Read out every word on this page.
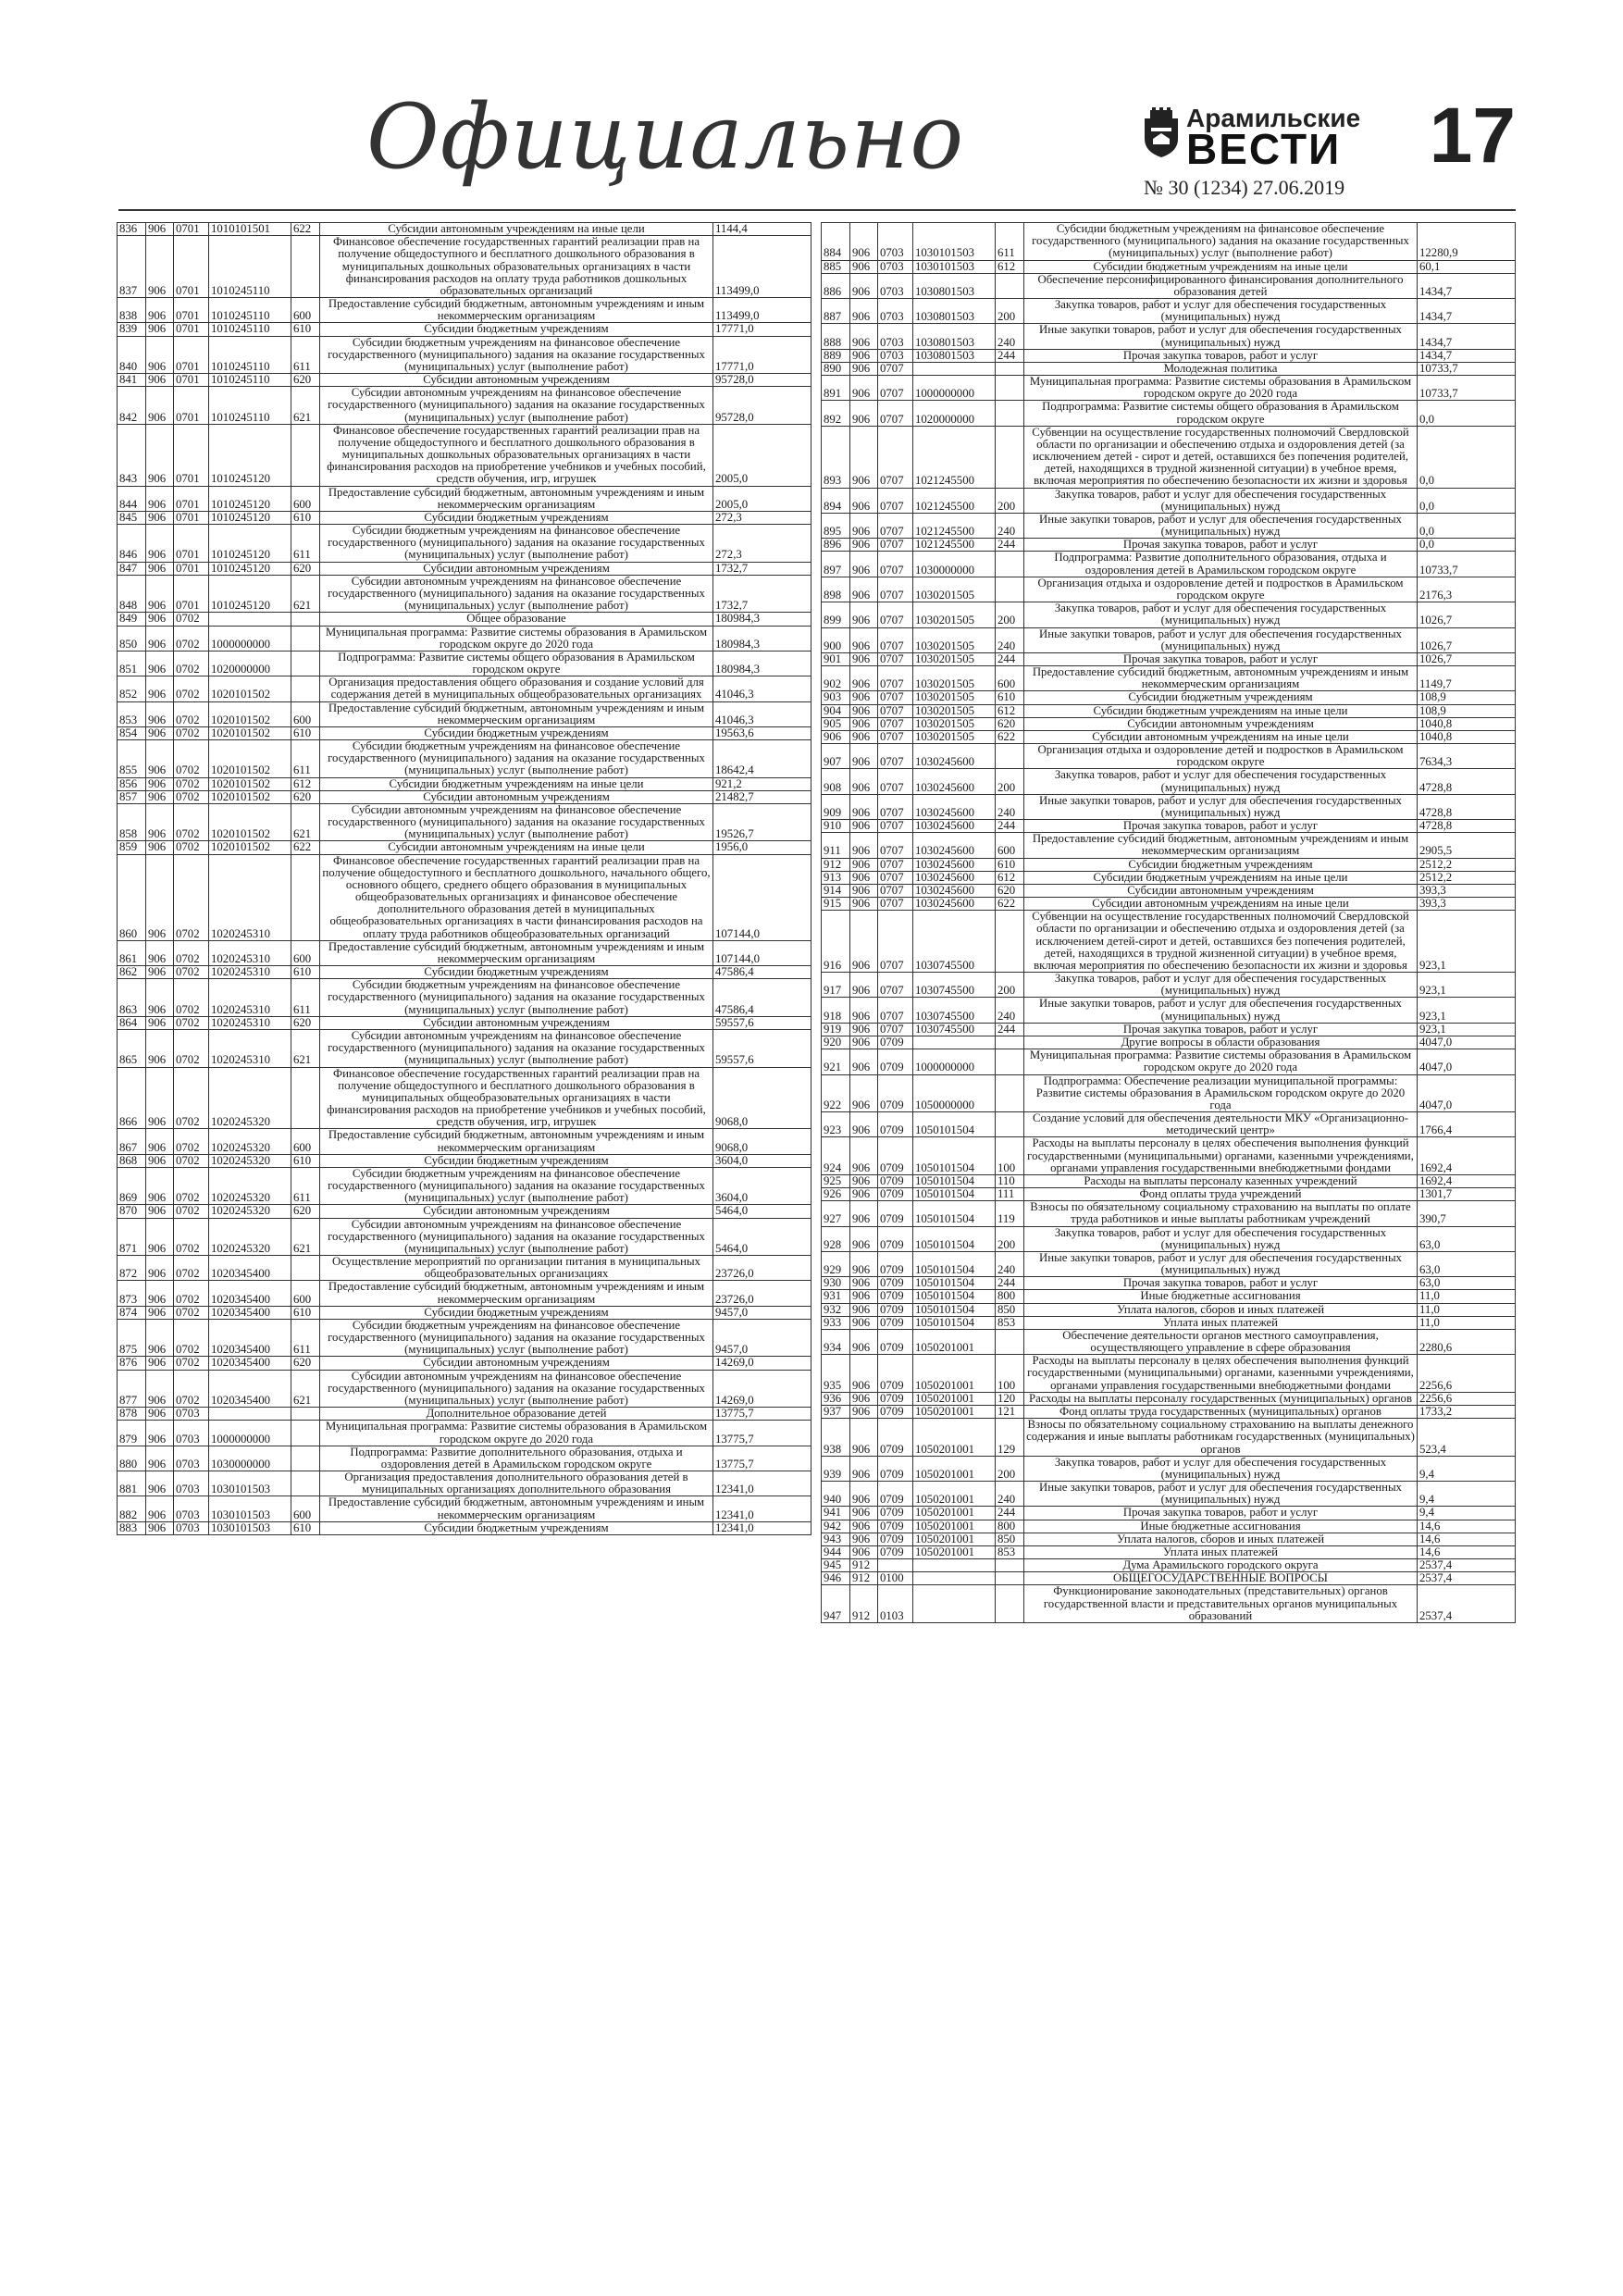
Официально	Арамильские
ВЕСТИ
№ 30 (1234) 27.06.2019
17
836	906	0701	1010101501	622	Субсидии автономным учреждениям на иные цели	1144,4
837	906	0701	1010245110		Финансовое обеспечение государственных гарантий реализации прав на получение общедоступного и бесплатного дошкольного образования в муниципальных дошкольных образовательных организациях в части финансирования расходов на оплату труда работников дошкольных образовательных организаций	113499,0
838	906	0701	1010245110	600	Предоставление субсидий бюджетным, автономным учреждениям и иным некоммерческим организациям	113499,0
839	906	0701	1010245110	610	Субсидии бюджетным учреждениям	17771,0
840	906	0701	1010245110	611	Субсидии бюджетным учреждениям на финансовое обеспечение государственного (муниципального) задания на оказание государственных (муниципальных) услуг (выполнение работ)	17771,0
841	906	0701	1010245110	620	Субсидии автономным учреждениям	95728,0
842	906	0701	1010245110	621	Субсидии автономным учреждениям на финансовое обеспечение государственного (муниципального) задания на оказание государственных (муниципальных) услуг (выполнение работ)	95728,0
843	906	0701	1010245120		Финансовое обеспечение государственных гарантий реализации прав на получение общедоступного и бесплатного дошкольного образования в муниципальных дошкольных образовательных организациях в части финансирования расходов на приобретение учебников и учебных пособий, средств обучения, игр, игрушек	2005,0
844	906	0701	1010245120	600	Предоставление субсидий бюджетным, автономным учреждениям и иным некоммерческим организациям	2005,0
845	906	0701	1010245120	610	Субсидии бюджетным учреждениям	272,3
846	906	0701	1010245120	611	Субсидии бюджетным учреждениям на финансовое обеспечение государственного (муниципального) задания на оказание государственных (муниципальных) услуг (выполнение работ)	272,3
847	906	0701	1010245120	620	Субсидии автономным учреждениям	1732,7
848	906	0701	1010245120	621	Субсидии автономным учреждениям на финансовое обеспечение государственного (муниципального) задания на оказание государственных (муниципальных) услуг (выполнение работ)	1732,7
849	906	0702			Общее образование	180984,3
850	906	0702	1000000000		Муниципальная программа: Развитие системы образования в Арамильском городском округе до 2020 года	180984,3
851	906	0702	1020000000		Подпрограмма: Развитие системы общего образования в Арамильском городском округе	180984,3
852	906	0702	1020101502		Организация предоставления общего образования и создание условий для содержания детей в муниципальных общеобразовательных организациях	41046,3
853	906	0702	1020101502	600	Предоставление субсидий бюджетным, автономным учреждениям и иным некоммерческим организациям	41046,3
854	906	0702	1020101502	610	Субсидии бюджетным учреждениям	19563,6
855	906	0702	1020101502	611	Субсидии бюджетным учреждениям на финансовое обеспечение государственного (муниципального) задания на оказание государственных (муниципальных) услуг (выполнение работ)	18642,4
856	906	0702	1020101502	612	Субсидии бюджетным учреждениям на иные цели	921,2
857	906	0702	1020101502	620	Субсидии автономным учреждениям	21482,7
858	906	0702	1020101502	621	Субсидии автономным учреждениям на финансовое обеспечение государственного (муниципального) задания на оказание государственных (муниципальных) услуг (выполнение работ)	19526,7
859	906	0702	1020101502	622	Субсидии автономным учреждениям на иные цели	1956,0
860	906	0702	1020245310		Финансовое обеспечение государственных гарантий реализации прав на получение общедоступного и бесплатного дошкольного, начального общего, основного общего, среднего общего образования в муниципальных общеобразовательных организациях и финансовое обеспечение дополнительного образования детей в муниципальных общеобразовательных организациях в части финансирования расходов на оплату труда работников общеобразовательных организаций	107144,0
861	906	0702	1020245310	600	Предоставление субсидий бюджетным, автономным учреждениям и иным некоммерческим организациям	107144,0
862	906	0702	1020245310	610	Субсидии бюджетным учреждениям	47586,4
863	906	0702	1020245310	611	Субсидии бюджетным учреждениям на финансовое обеспечение государственного (муниципального) задания на оказание государственных (муниципальных) услуг (выполнение работ)	47586,4
864	906	0702	1020245310	620	Субсидии автономным учреждениям	59557,6
865	906	0702	1020245310	621	Субсидии автономным учреждениям на финансовое обеспечение государственного (муниципального) задания на оказание государственных (муниципальных) услуг (выполнение работ)	59557,6
866	906	0702	1020245320		Финансовое обеспечение государственных гарантий реализации прав на получение общедоступного и бесплатного дошкольного образования в муниципальных общеобразовательных организациях в части финансирования расходов на приобретение учебников и учебных пособий, средств обучения, игр, игрушек	9068,0
867	906	0702	1020245320	600	Предоставление субсидий бюджетным, автономным учреждениям и иным некоммерческим организациям	9068,0
868	906	0702	1020245320	610	Субсидии бюджетным учреждениям	3604,0
869	906	0702	1020245320	611	Субсидии бюджетным учреждениям на финансовое обеспечение государственного (муниципального) задания на оказание государственных (муниципальных) услуг (выполнение работ)	3604,0
870	906	0702	1020245320	620	Субсидии автономным учреждениям	5464,0
871	906	0702	1020245320	621	Субсидии автономным учреждениям на финансовое обеспечение государственного (муниципального) задания на оказание государственных (муниципальных) услуг (выполнение работ)	5464,0
872	906	0702	1020345400		Осуществление мероприятий по организации питания в муниципальных общеобразовательных организациях	23726,0
873	906	0702	1020345400	600	Предоставление субсидий бюджетным, автономным учреждениям и иным некоммерческим организациям	23726,0
874	906	0702	1020345400	610	Субсидии бюджетным учреждениям	9457,0
875	906	0702	1020345400	611	Субсидии бюджетным учреждениям на финансовое обеспечение государственного (муниципального) задания на оказание государственных (муниципальных) услуг (выполнение работ)	9457,0
876	906	0702	1020345400	620	Субсидии автономным учреждениям	14269,0
877	906	0702	1020345400	621	Субсидии автономным учреждениям на финансовое обеспечение государственного (муниципального) задания на оказание государственных (муниципальных) услуг (выполнение работ)	14269,0
878	906	0703			Дополнительное образование детей	13775,7
879	906	0703	1000000000		Муниципальная программа: Развитие системы образования в Арамильском городском округе до 2020 года	13775,7
880	906	0703	1030000000		Подпрограмма: Развитие дополнительного образования, отдыха и оздоровления детей в Арамильском городском округе	13775,7
881	906	0703	1030101503		Организация предоставления дополнительного образования детей в муниципальных организациях дополнительного образования	12341,0
882	906	0703	1030101503	600	Предоставление субсидий бюджетным, автономным учреждениям и иным некоммерческим организациям	12341,0
883	906	0703	1030101503	610	Субсидии бюджетным учреждениям	12341,0
884	906	0703	1030101503	611	Субсидии бюджетным учреждениям на финансовое обеспечение государственного (муниципального) задания на оказание государственных (муниципальных) услуг (выполнение работ)	12280,9
885	906	0703	1030101503	612	Субсидии бюджетным учреждениям на иные цели	60,1
886	906	0703	1030801503		Обеспечение персонифицированного финансирования дополнительного образования детей	1434,7
887	906	0703	1030801503	200	Закупка товаров, работ и услуг для обеспечения государственных (муниципальных) нужд	1434,7
888	906	0703	1030801503	240	Иные закупки товаров, работ и услуг для обеспечения государственных (муниципальных) нужд	1434,7
889	906	0703	1030801503	244	Прочая закупка товаров, работ и услуг	1434,7
890	906	0707			Молодежная политика	10733,7
891	906	0707	1000000000		Муниципальная программа: Развитие системы образования в Арамильском городском округе до 2020 года	10733,7
892	906	0707	1020000000		Подпрограмма: Развитие системы общего образования в Арамильском городском округе	0,0
893	906	0707	1021245500		Субвенции на осуществление государственных полномочий Свердловской области по организации и обеспечению отдыха и оздоровления детей (за исключением детей - сирот и детей, оставшихся без попечения родителей, детей, находящихся в трудной жизненной ситуации) в учебное время, включая мероприятия по обеспечению безопасности их жизни и здоровья	0,0
894	906	0707	1021245500	200	Закупка товаров, работ и услуг для обеспечения государственных (муниципальных) нужд	0,0
895	906	0707	1021245500	240	Иные закупки товаров, работ и услуг для обеспечения государственных (муниципальных) нужд	0,0
896	906	0707	1021245500	244	Прочая закупка товаров, работ и услуг	0,0
897	906	0707	1030000000		Подпрограмма: Развитие дополнительного образования, отдыха и оздоровления детей в Арамильском городском округе	10733,7
898	906	0707	1030201505		Организация отдыха и оздоровление детей и подростков в Арамильском городском округе	2176,3
899	906	0707	1030201505	200	Закупка товаров, работ и услуг для обеспечения государственных (муниципальных) нужд	1026,7
900	906	0707	1030201505	240	Иные закупки товаров, работ и услуг для обеспечения государственных (муниципальных) нужд	1026,7
901	906	0707	1030201505	244	Прочая закупка товаров, работ и услуг	1026,7
902	906	0707	1030201505	600	Предоставление субсидий бюджетным, автономным учреждениям и иным некоммерческим организациям	1149,7
903	906	0707	1030201505	610	Субсидии бюджетным учреждениям	108,9
904	906	0707	1030201505	612	Субсидии бюджетным учреждениям на иные цели	108,9
905	906	0707	1030201505	620	Субсидии автономным учреждениям	1040,8
906	906	0707	1030201505	622	Субсидии автономным учреждениям на иные цели	1040,8
907	906	0707	1030245600		Организация отдыха и оздоровление детей и подростков в Арамильском городском округе	7634,3
908	906	0707	1030245600	200	Закупка товаров, работ и услуг для обеспечения государственных (муниципальных) нужд	4728,8
909	906	0707	1030245600	240	Иные закупки товаров, работ и услуг для обеспечения государственных (муниципальных) нужд	4728,8
910	906	0707	1030245600	244	Прочая закупка товаров, работ и услуг	4728,8
911	906	0707	1030245600	600	Предоставление субсидий бюджетным, автономным учреждениям и иным некоммерческим организациям	2905,5
912	906	0707	1030245600	610	Субсидии бюджетным учреждениям	2512,2
913	906	0707	1030245600	612	Субсидии бюджетным учреждениям на иные цели	2512,2
914	906	0707	1030245600	620	Субсидии автономным учреждениям	393,3
915	906	0707	1030245600	622	Субсидии автономным учреждениям на иные цели	393,3
916	906	0707	1030745500		Субвенции на осуществление государственных полномочий Свердловской области по организации и обеспечению отдыха и оздоровления детей (за исключением детей-сирот и детей, оставшихся без попечения родителей, детей, находящихся в трудной жизненной ситуации) в учебное время, включая мероприятия по обеспечению безопасности их жизни и здоровья	923,1
917	906	0707	1030745500	200	Закупка товаров, работ и услуг для обеспечения государственных (муниципальных) нужд	923,1
918	906	0707	1030745500	240	Иные закупки товаров, работ и услуг для обеспечения государственных (муниципальных) нужд	923,1
919	906	0707	1030745500	244	Прочая закупка товаров, работ и услуг	923,1
920	906	0709			Другие вопросы в области образования	4047,0
921	906	0709	1000000000		Муниципальная программа: Развитие системы образования в Арамильском городском округе до 2020 года	4047,0
922	906	0709	1050000000		Подпрограмма: Обеспечение реализации муниципальной программы: Развитие системы образования в Арамильском городском округе до 2020 года	4047,0
923	906	0709	1050101504		Создание условий для обеспечения деятельности МКУ «Организационно-методический центр»	1766,4
924	906	0709	1050101504	100	Расходы на выплаты персоналу в целях обеспечения выполнения функций государственными (муниципальными) органами, казенными учреждениями, органами управления государственными внебюджетными фондами	1692,4
925	906	0709	1050101504	110	Расходы на выплаты персоналу казенных учреждений	1692,4
926	906	0709	1050101504	111	Фонд оплаты труда учреждений	1301,7
927	906	0709	1050101504	119	Взносы по обязательному социальному страхованию на выплаты по оплате труда работников и иные выплаты работникам учреждений	390,7
928	906	0709	1050101504	200	Закупка товаров, работ и услуг для обеспечения государственных (муниципальных) нужд	63,0
929	906	0709	1050101504	240	Иные закупки товаров, работ и услуг для обеспечения государственных (муниципальных) нужд	63,0
930	906	0709	1050101504	244	Прочая закупка товаров, работ и услуг	63,0
931	906	0709	1050101504	800	Иные бюджетные ассигнования	11,0
932	906	0709	1050101504	850	Уплата налогов, сборов и иных платежей	11,0
933	906	0709	1050101504	853	Уплата иных платежей	11,0
934	906	0709	1050201001		Обеспечение деятельности органов местного самоуправления, осуществляющего управление в сфере образования	2280,6
935	906	0709	1050201001	100	Расходы на выплаты персоналу в целях обеспечения выполнения функций государственными (муниципальными) органами, казенными учреждениями, органами управления государственными внебюджетными фондами	2256,6
936	906	0709	1050201001	120	Расходы на выплаты персоналу государственных (муниципальных) органов	2256,6
937	906	0709	1050201001	121	Фонд оплаты труда государственных (муниципальных) органов	1733,2
938	906	0709	1050201001	129	Взносы по обязательному социальному страхованию на выплаты денежного содержания и иные выплаты работникам государственных (муниципальных) органов	523,4
939	906	0709	1050201001	200	Закупка товаров, работ и услуг для обеспечения государственных (муниципальных) нужд	9,4
940	906	0709	1050201001	240	Иные закупки товаров, работ и услуг для обеспечения государственных (муниципальных) нужд	9,4
941	906	0709	1050201001	244	Прочая закупка товаров, работ и услуг	9,4
942	906	0709	1050201001	800	Иные бюджетные ассигнования	14,6
943	906	0709	1050201001	850	Уплата налогов, сборов и иных платежей	14,6
944	906	0709	1050201001	853	Уплата иных платежей	14,6
945	912				Дума Арамильского городского округа	2537,4
946	912	0100			ОБЩЕГОСУДАРСТВЕННЫЕ ВОПРОСЫ	2537,4
947	912	0103			Функционирование законодательных (представительных) органов государственной власти и представительных органов муниципальных образований	2537,4
